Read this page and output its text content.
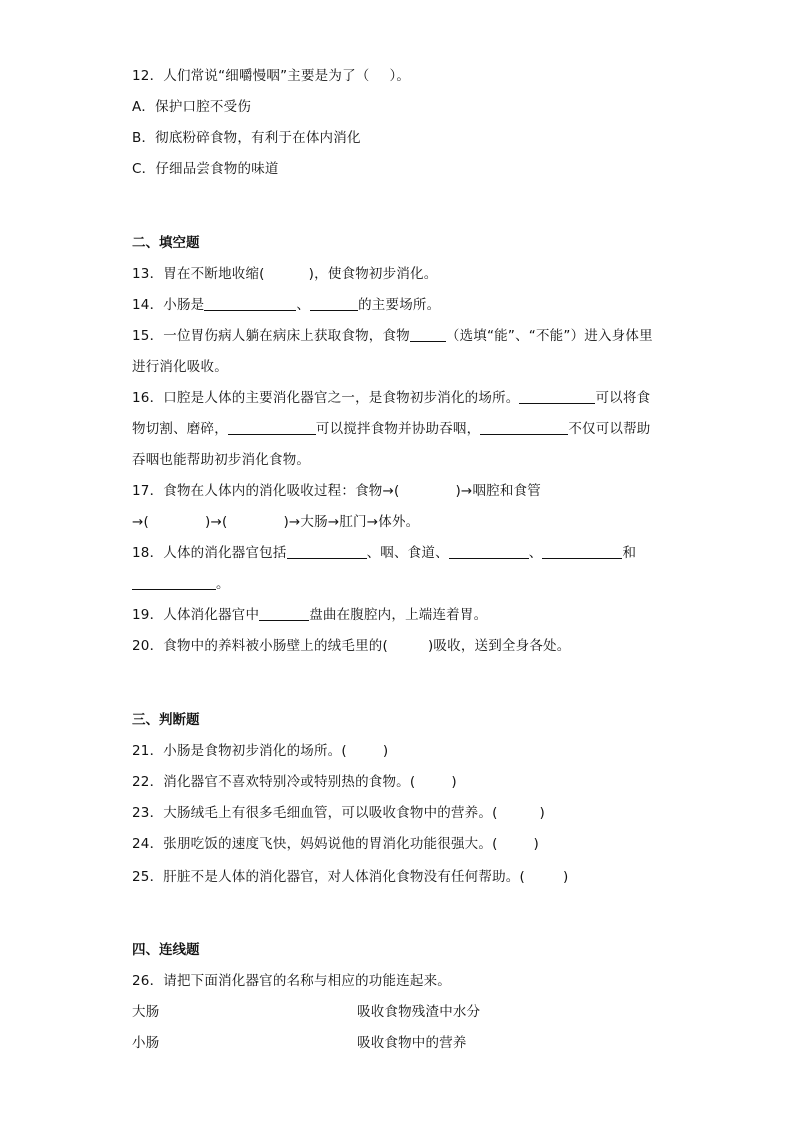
12．人们常说“细嚼慢咽”主要是为了（ ）。
A．保护口腔不受伤
B．彻底粉碎食物，有利于在体内消化
C．仔细品尝食物的味道
二、填空题
13．胃在不断地收缩(	)，使食物初步消化。
14．小肠是	、	的主要场所。
15．一位胃伤病人躺在病床上获取食物，食物	（选填“能”、“不能”）进入身体里
进行消化吸收。
16．口腔是人体的主要消化器官之一，是食物初步消化的场所。	可以将食
物切割、磨碎，	可以搅拌食物并协助吞咽，	不仅可以帮助
吞咽也能帮助初步消化食物。
17．食物在人体内的消化吸收过程：食物→(	)→咽腔和食管
→(	)→(	)→大肠→肛门→体外。
18．人体的消化器官包括	、咽、食道、	、	和
。
19．人体消化器官中	盘曲在腹腔内，上端连着胃。
20．食物中的养料被小肠壁上的绒毛里的(	)吸收，送到全身各处。
三、判断题
21．小肠是食物初步消化的场所。(	)
22．消化器官不喜欢特别冷或特别热的食物。(	)
23．大肠绒毛上有很多毛细血管，可以吸收食物中的营养。(	)
24．张朋吃饭的速度飞快，妈妈说他的胃消化功能很强大。(	)
25．肝脏不是人体的消化器官，对人体消化食物没有任何帮助。(	)
四、连线题
26．请把下面消化器官的名称与相应的功能连起来。
大肠	吸收食物残渣中水分
小肠	吸收食物中的营养
